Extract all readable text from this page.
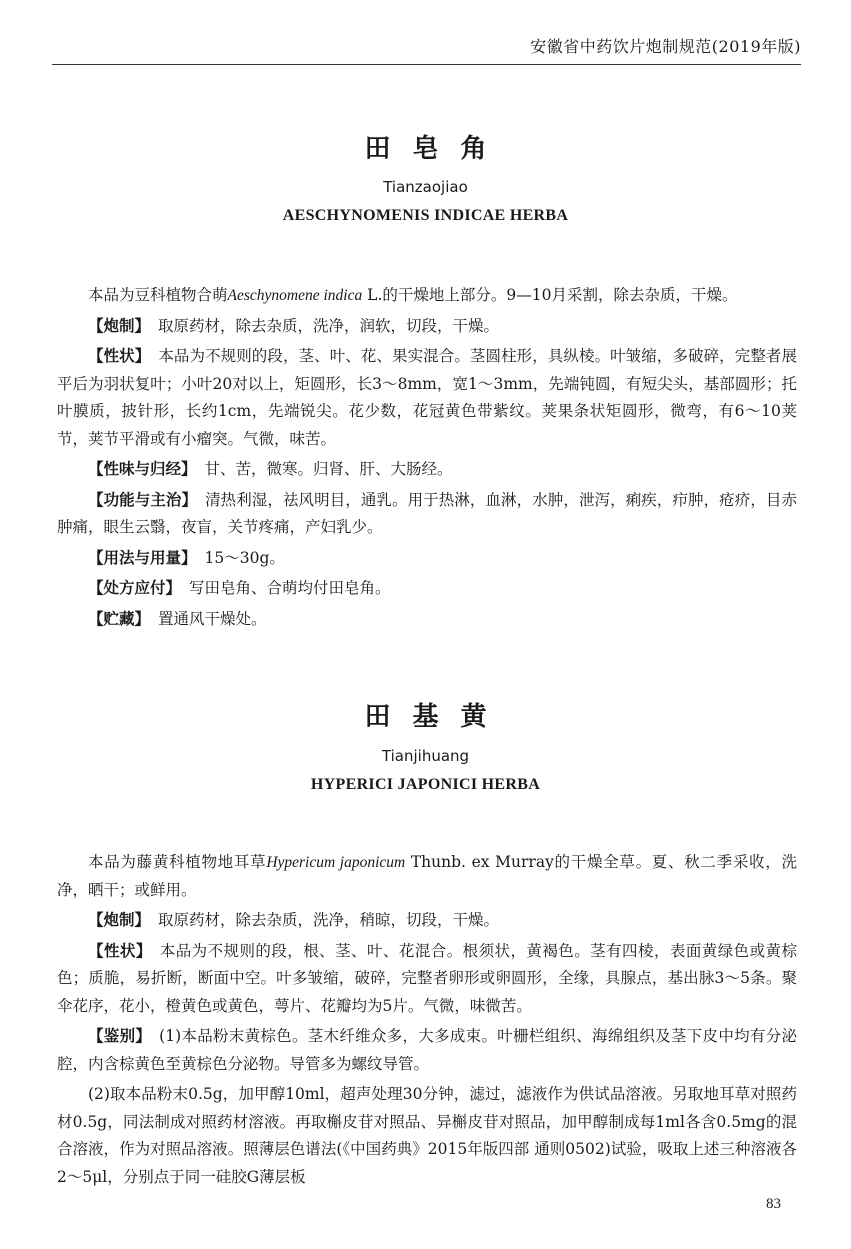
安徽省中药饮片炮制规范(2019年版)
田皂角
Tianzaojiao
AESCHYNOMENIS INDICAE HERBA

本品为豆科植物合萌Aeschynomene indica L.的干燥地上部分。9—10月采割，除去杂质，干燥。

【炮制】 取原药材，除去杂质，洗净，润软，切段，干燥。

【性状】 本品为不规则的段，茎、叶、花、果实混合。茎圆柱形，具纵棱。叶皱缩，多破碎，完整者展平后为羽状复叶；小叶20对以上，矩圆形，长3～8mm，宽1～3mm，先端钝圆，有短尖头，基部圆形；托叶膜质，披针形，长约1cm，先端锐尖。花少数，花冠黄色带紫纹。荚果条状矩圆形，微弯，有6～10荚节，荚节平滑或有小瘤突。气微，味苦。

【性味与归经】 甘、苦，微寒。归肾、肝、大肠经。

【功能与主治】 清热利湿，祛风明目，通乳。用于热淋，血淋，水肿，泄泻，痢疾，疖肿，疮疥，目赤肿痛，眼生云翳，夜盲，关节疼痛，产妇乳少。

【用法与用量】 15～30g。

【处方应付】 写田皂角、合萌均付田皂角。

【贮藏】 置通风干燥处。

田基黄
Tianjihuang
HYPERICI JAPONICI HERBA

本品为藤黄科植物地耳草Hypericum japonicum Thunb. ex Murray的干燥全草。夏、秋二季采收，洗净，晒干；或鲜用。

【炮制】 取原药材，除去杂质，洗净，稍晾，切段，干燥。

【性状】 本品为不规则的段，根、茎、叶、花混合。根须状，黄褐色。茎有四棱，表面黄绿色或黄棕色；质脆，易折断，断面中空。叶多皱缩，破碎，完整者卵形或卵圆形，全缘，具腺点，基出脉3～5条。聚伞花序，花小，橙黄色或黄色，萼片、花瓣均为5片。气微，味微苦。

【鉴别】 (1)本品粉末黄棕色。茎木纤维众多，大多成束。叶栅栏组织、海绵组织及茎下皮中均有分泌腔，内含棕黄色至黄棕色分泌物。导管多为螺纹导管。

(2)取本品粉末0.5g，加甲醇10ml，超声处理30分钟，滤过，滤液作为供试品溶液。另取地耳草对照药材0.5g，同法制成对照药材溶液。再取槲皮苷对照品、异槲皮苷对照品，加甲醇制成每1ml各含0.5mg的混合溶液，作为对照品溶液。照薄层色谱法(《中国药典》2015年版四部 通则0502)试验，吸取上述三种溶液各2～5μl，分别点于同一硅胶G薄层板

83
